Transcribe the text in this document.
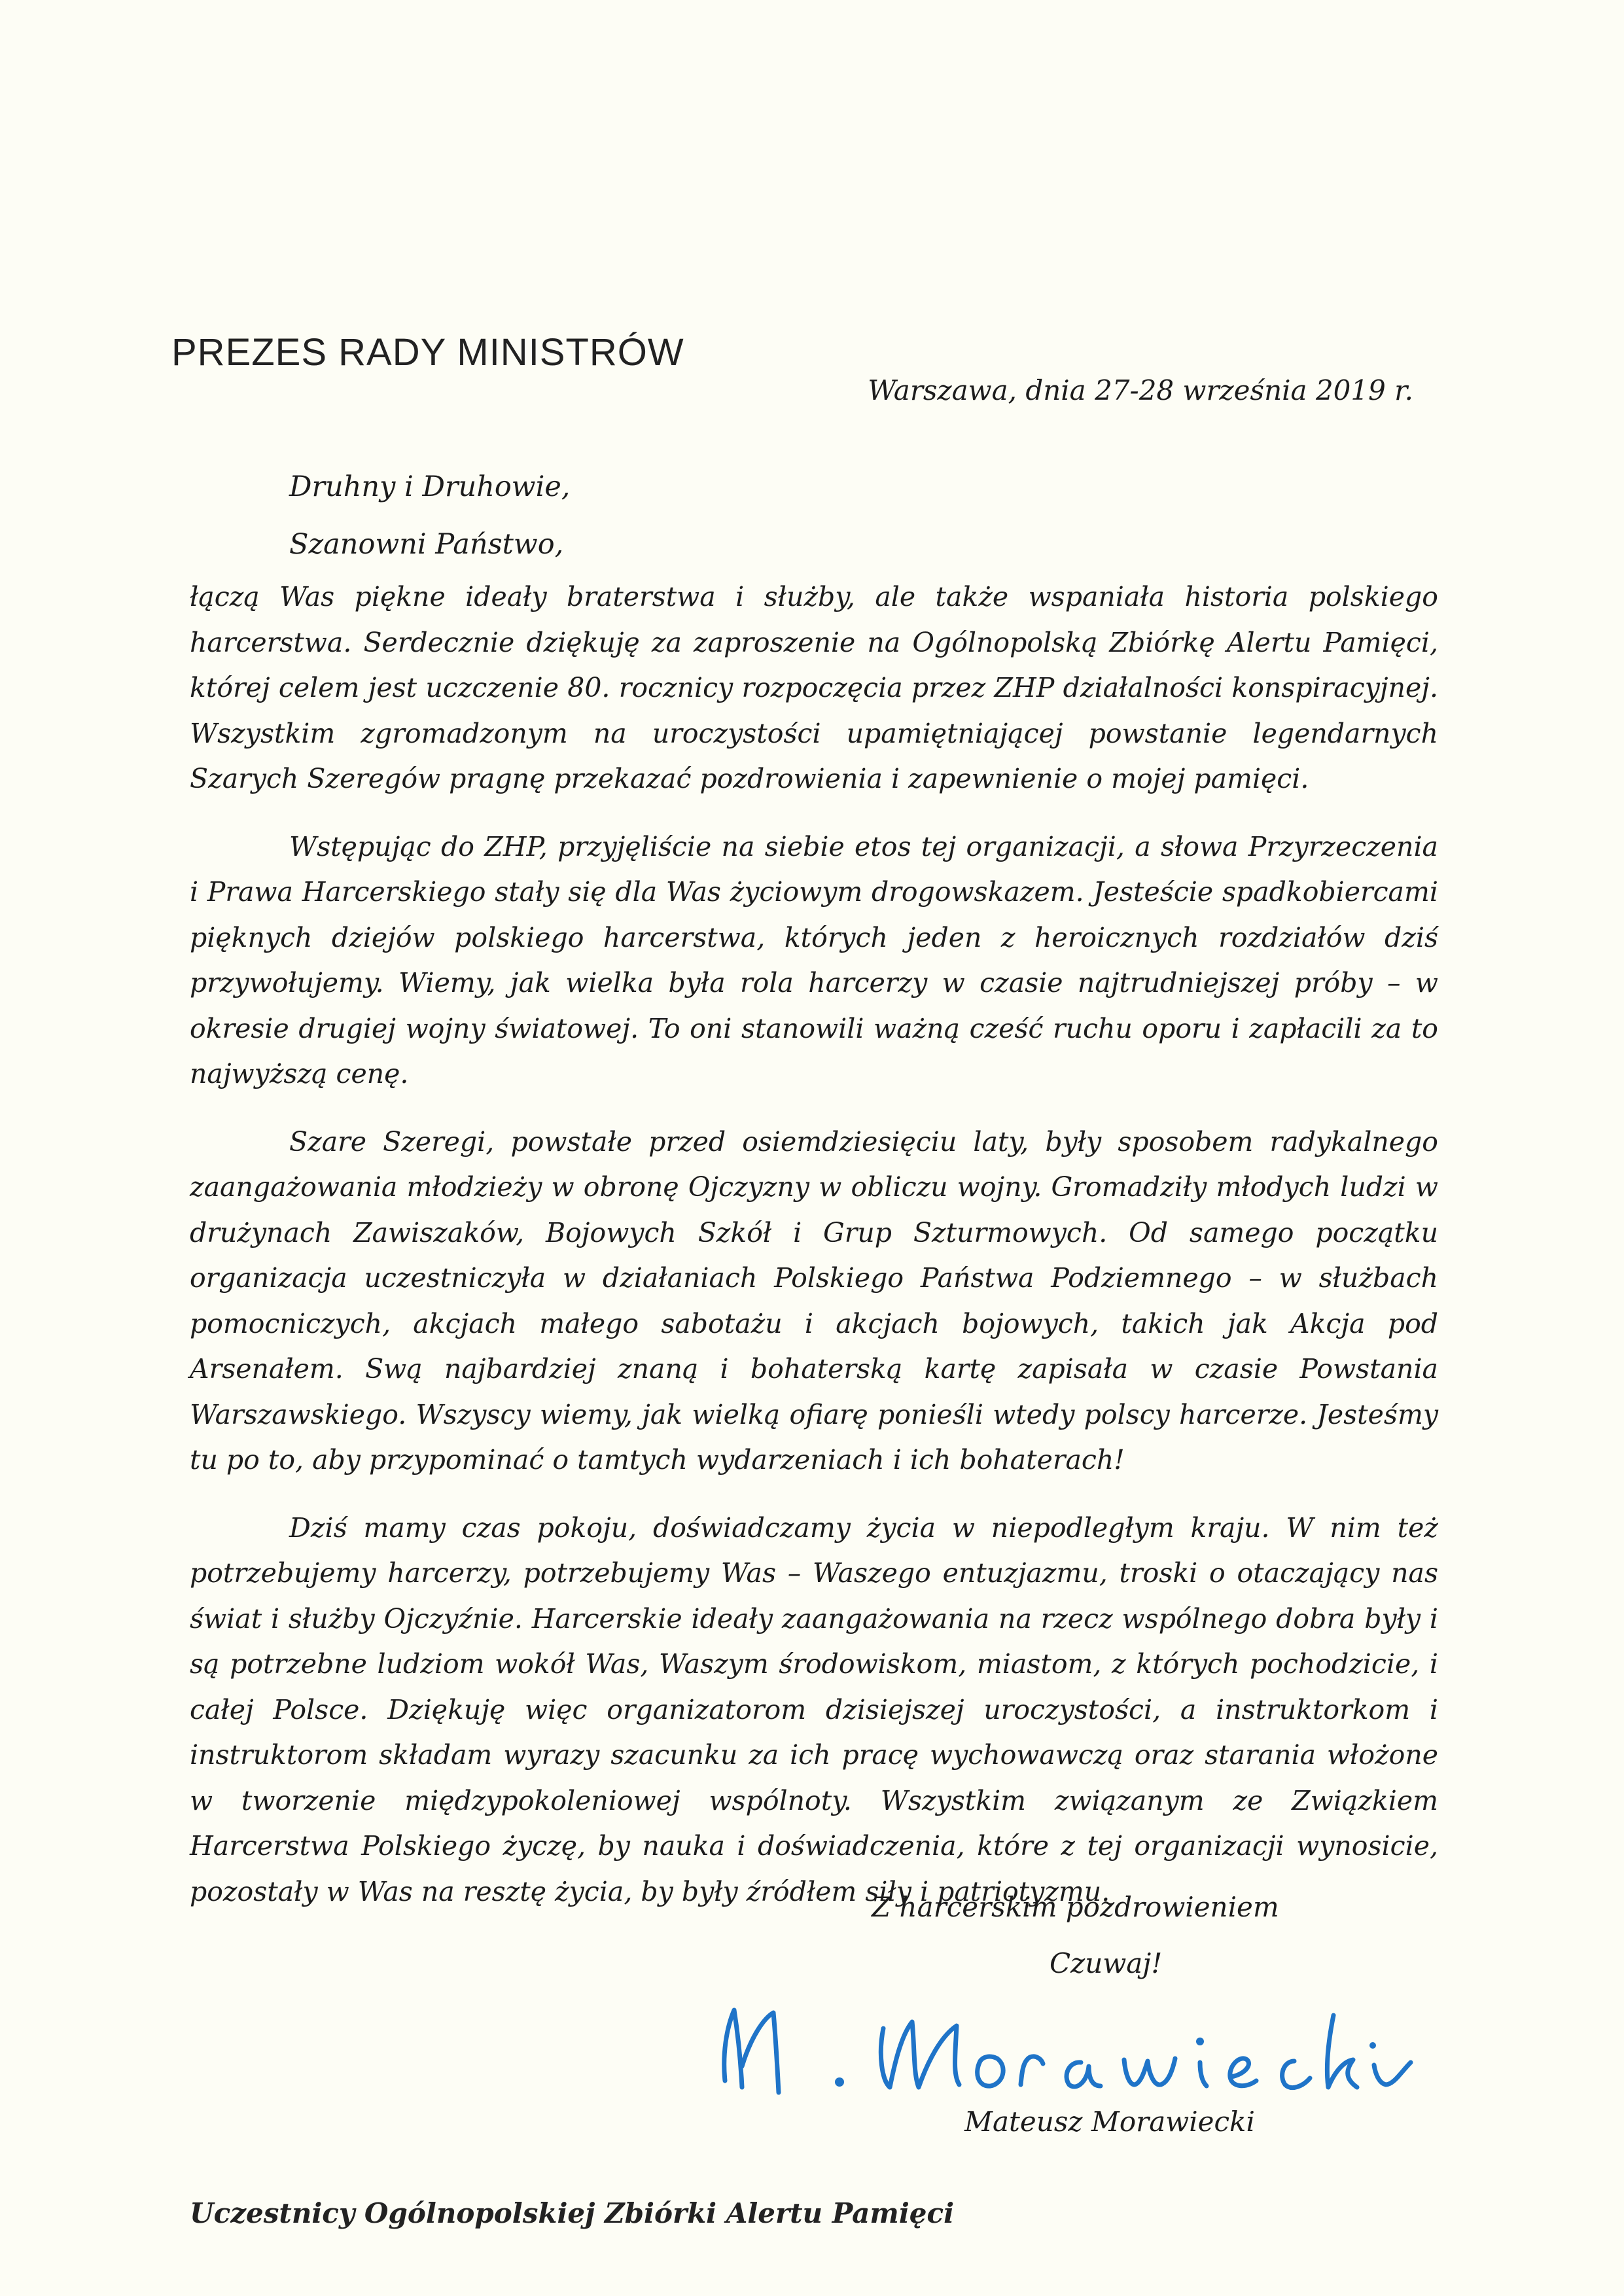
PREZES RADY MINISTRÓW
Warszawa, dnia 27-28 września 2019 r.
Druhny i Druhowie,
Szanowni Państwo,

łączą Was piękne ideały braterstwa i służby, ale także wspaniała historia polskiego harcerstwa. Serdecznie dziękuję za zaproszenie na Ogólnopolską Zbiórkę Alertu Pamięci, której celem jest uczczenie 80. rocznicy rozpoczęcia przez ZHP działalności konspiracyjnej. Wszystkim zgromadzonym na uroczystości upamiętniającej powstanie legendarnych Szarych Szeregów pragnę przekazać pozdrowienia i zapewnienie o mojej pamięci.

Wstępując do ZHP, przyjęliście na siebie etos tej organizacji, a słowa Przyrzeczenia i Prawa Harcerskiego stały się dla Was życiowym drogowskazem. Jesteście spadkobiercami pięknych dziejów polskiego harcerstwa, których jeden z heroicznych rozdziałów dziś przywołujemy. Wiemy, jak wielka była rola harcerzy w czasie najtrudniejszej próby – w okresie drugiej wojny światowej. To oni stanowili ważną cześć ruchu oporu i zapłacili za to najwyższą cenę.

Szare Szeregi, powstałe przed osiemdziesięciu laty, były sposobem radykalnego zaangażowania młodzieży w obronę Ojczyzny w obliczu wojny. Gromadziły młodych ludzi w drużynach Zawiszaków, Bojowych Szkół i Grup Szturmowych. Od samego początku organizacja uczestniczyła w działaniach Polskiego Państwa Podziemnego – w służbach pomocniczych, akcjach małego sabotażu i akcjach bojowych, takich jak Akcja pod Arsenałem. Swą najbardziej znaną i bohaterską kartę zapisała w czasie Powstania Warszawskiego. Wszyscy wiemy, jak wielką ofiarę ponieśli wtedy polscy harcerze. Jesteśmy tu po to, aby przypominać o tamtych wydarzeniach i ich bohaterach!

Dziś mamy czas pokoju, doświadczamy życia w niepodległym kraju. W nim też potrzebujemy harcerzy, potrzebujemy Was – Waszego entuzjazmu, troski o otaczający nas świat i służby Ojczyźnie. Harcerskie ideały zaangażowania na rzecz wspólnego dobra były i są potrzebne ludziom wokół Was, Waszym środowiskom, miastom, z których pochodzicie, i całej Polsce. Dziękuję więc organizatorom dzisiejszej uroczystości, a instruktorkom i instruktorom składam wyrazy szacunku za ich pracę wychowawczą oraz starania włożone w tworzenie międzypokoleniowej wspólnoty. Wszystkim związanym ze Związkiem Harcerstwa Polskiego życzę, by nauka i doświadczenia, które z tej organizacji wynosicie, pozostały w Was na resztę życia, by były źródłem siły i patriotyzmu.

Z harcerskim pozdrowieniem
Czuwaj!
Mateusz Morawiecki
Uczestnicy Ogólnopolskiej Zbiórki Alertu Pamięci
